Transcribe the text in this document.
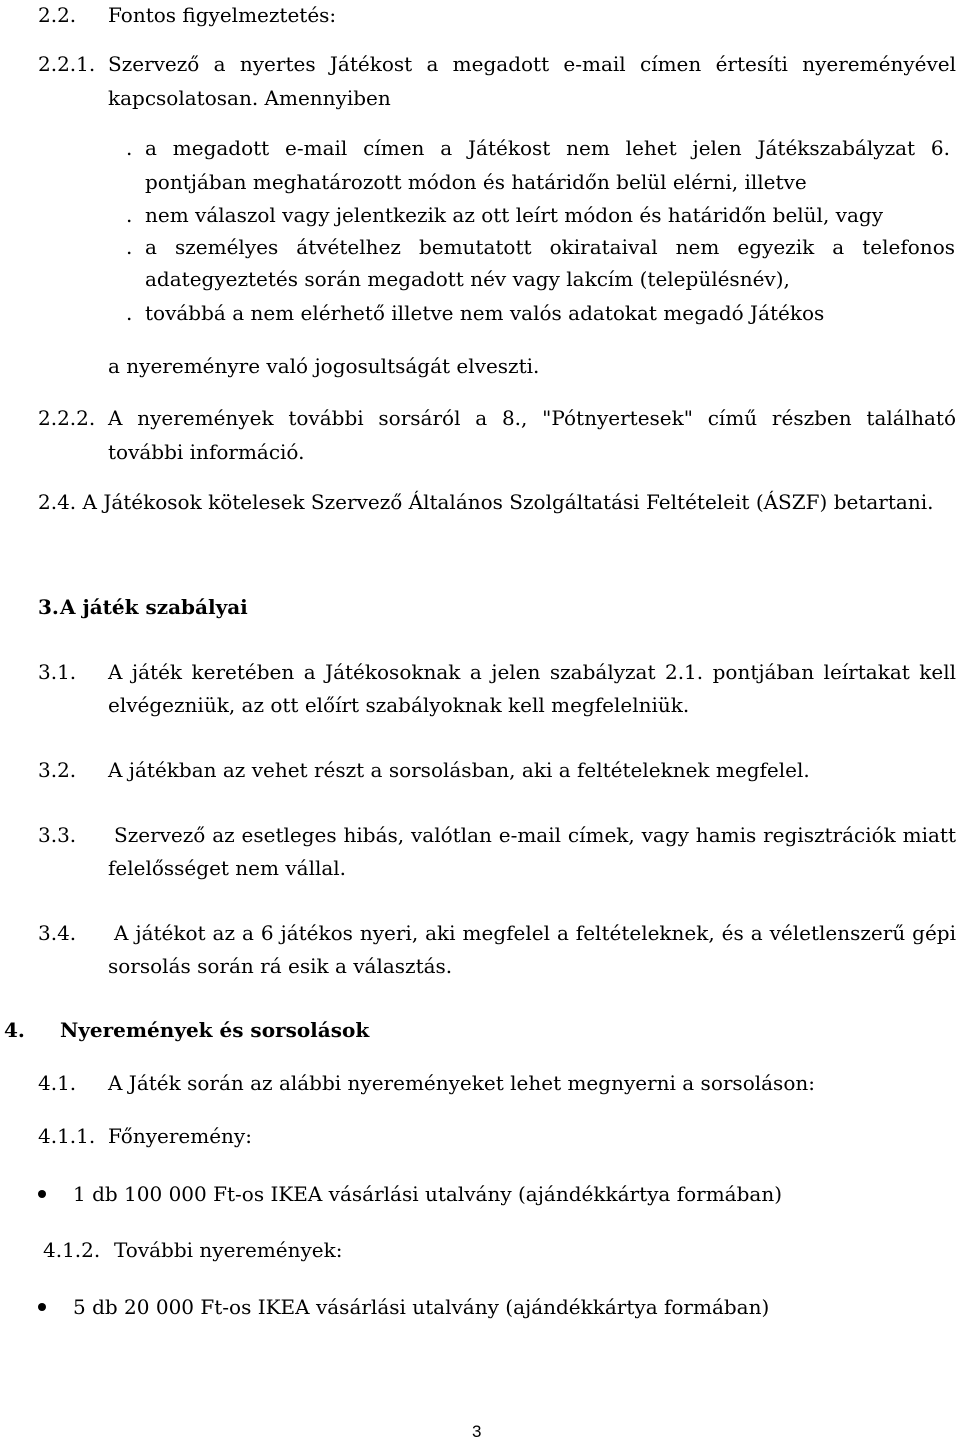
2.2. Fontos figyelmeztetés:
2.2.1. Szervező a nyertes Játékost a megadott e-mail címen értesíti nyereményével
kapcsolatosan. Amennyiben
. a megadott e-mail címen a Játékost nem lehet jelen Játékszabályzat 6.
pontjában meghatározott módon és határidőn belül elérni, illetve
. nem válaszol vagy jelentkezik az ott leírt módon és határidőn belül, vagy
. a személyes átvételhez bemutatott okirataival nem egyezik a telefonos
adategyeztetés során megadott név vagy lakcím (településnév),
. továbbá a nem elérhető illetve nem valós adatokat megadó Játékos
a nyereményre való jogosultságát elveszti.
2.2.2. A nyeremények további sorsáról a 8., "Pótnyertesek" című részben található
további információ.
2.4. A Játékosok kötelesek Szervező Általános Szolgáltatási Feltételeit (ÁSZF) betartani.
3. A játék szabályai
3.1. A játék keretében a Játékosoknak a jelen szabályzat 2.1. pontjában leírtakat kell
elvégezniük, az ott előírt szabályoknak kell megfelelniük.
3.2. A játékban az vehet részt a sorsolásban, aki a feltételeknek megfelel.
3.3. Szervező az esetleges hibás, valótlan e-mail címek, vagy hamis regisztrációk miatt
felelősséget nem vállal.
3.4. A játékot az a 6 játékos nyeri, aki megfelel a feltételeknek, és a véletlenszerű gépi
sorsolás során rá esik a választás.
4. Nyeremények és sorsolások
4.1. A Játék során az alábbi nyereményeket lehet megnyerni a sorsoláson:
4.1.1. Főnyeremény:
1 db 100 000 Ft-os IKEA vásárlási utalvány (ajándékkártya formában)
4.1.2. További nyeremények:
5 db 20 000 Ft-os IKEA vásárlási utalvány (ajándékkártya formában)
3
